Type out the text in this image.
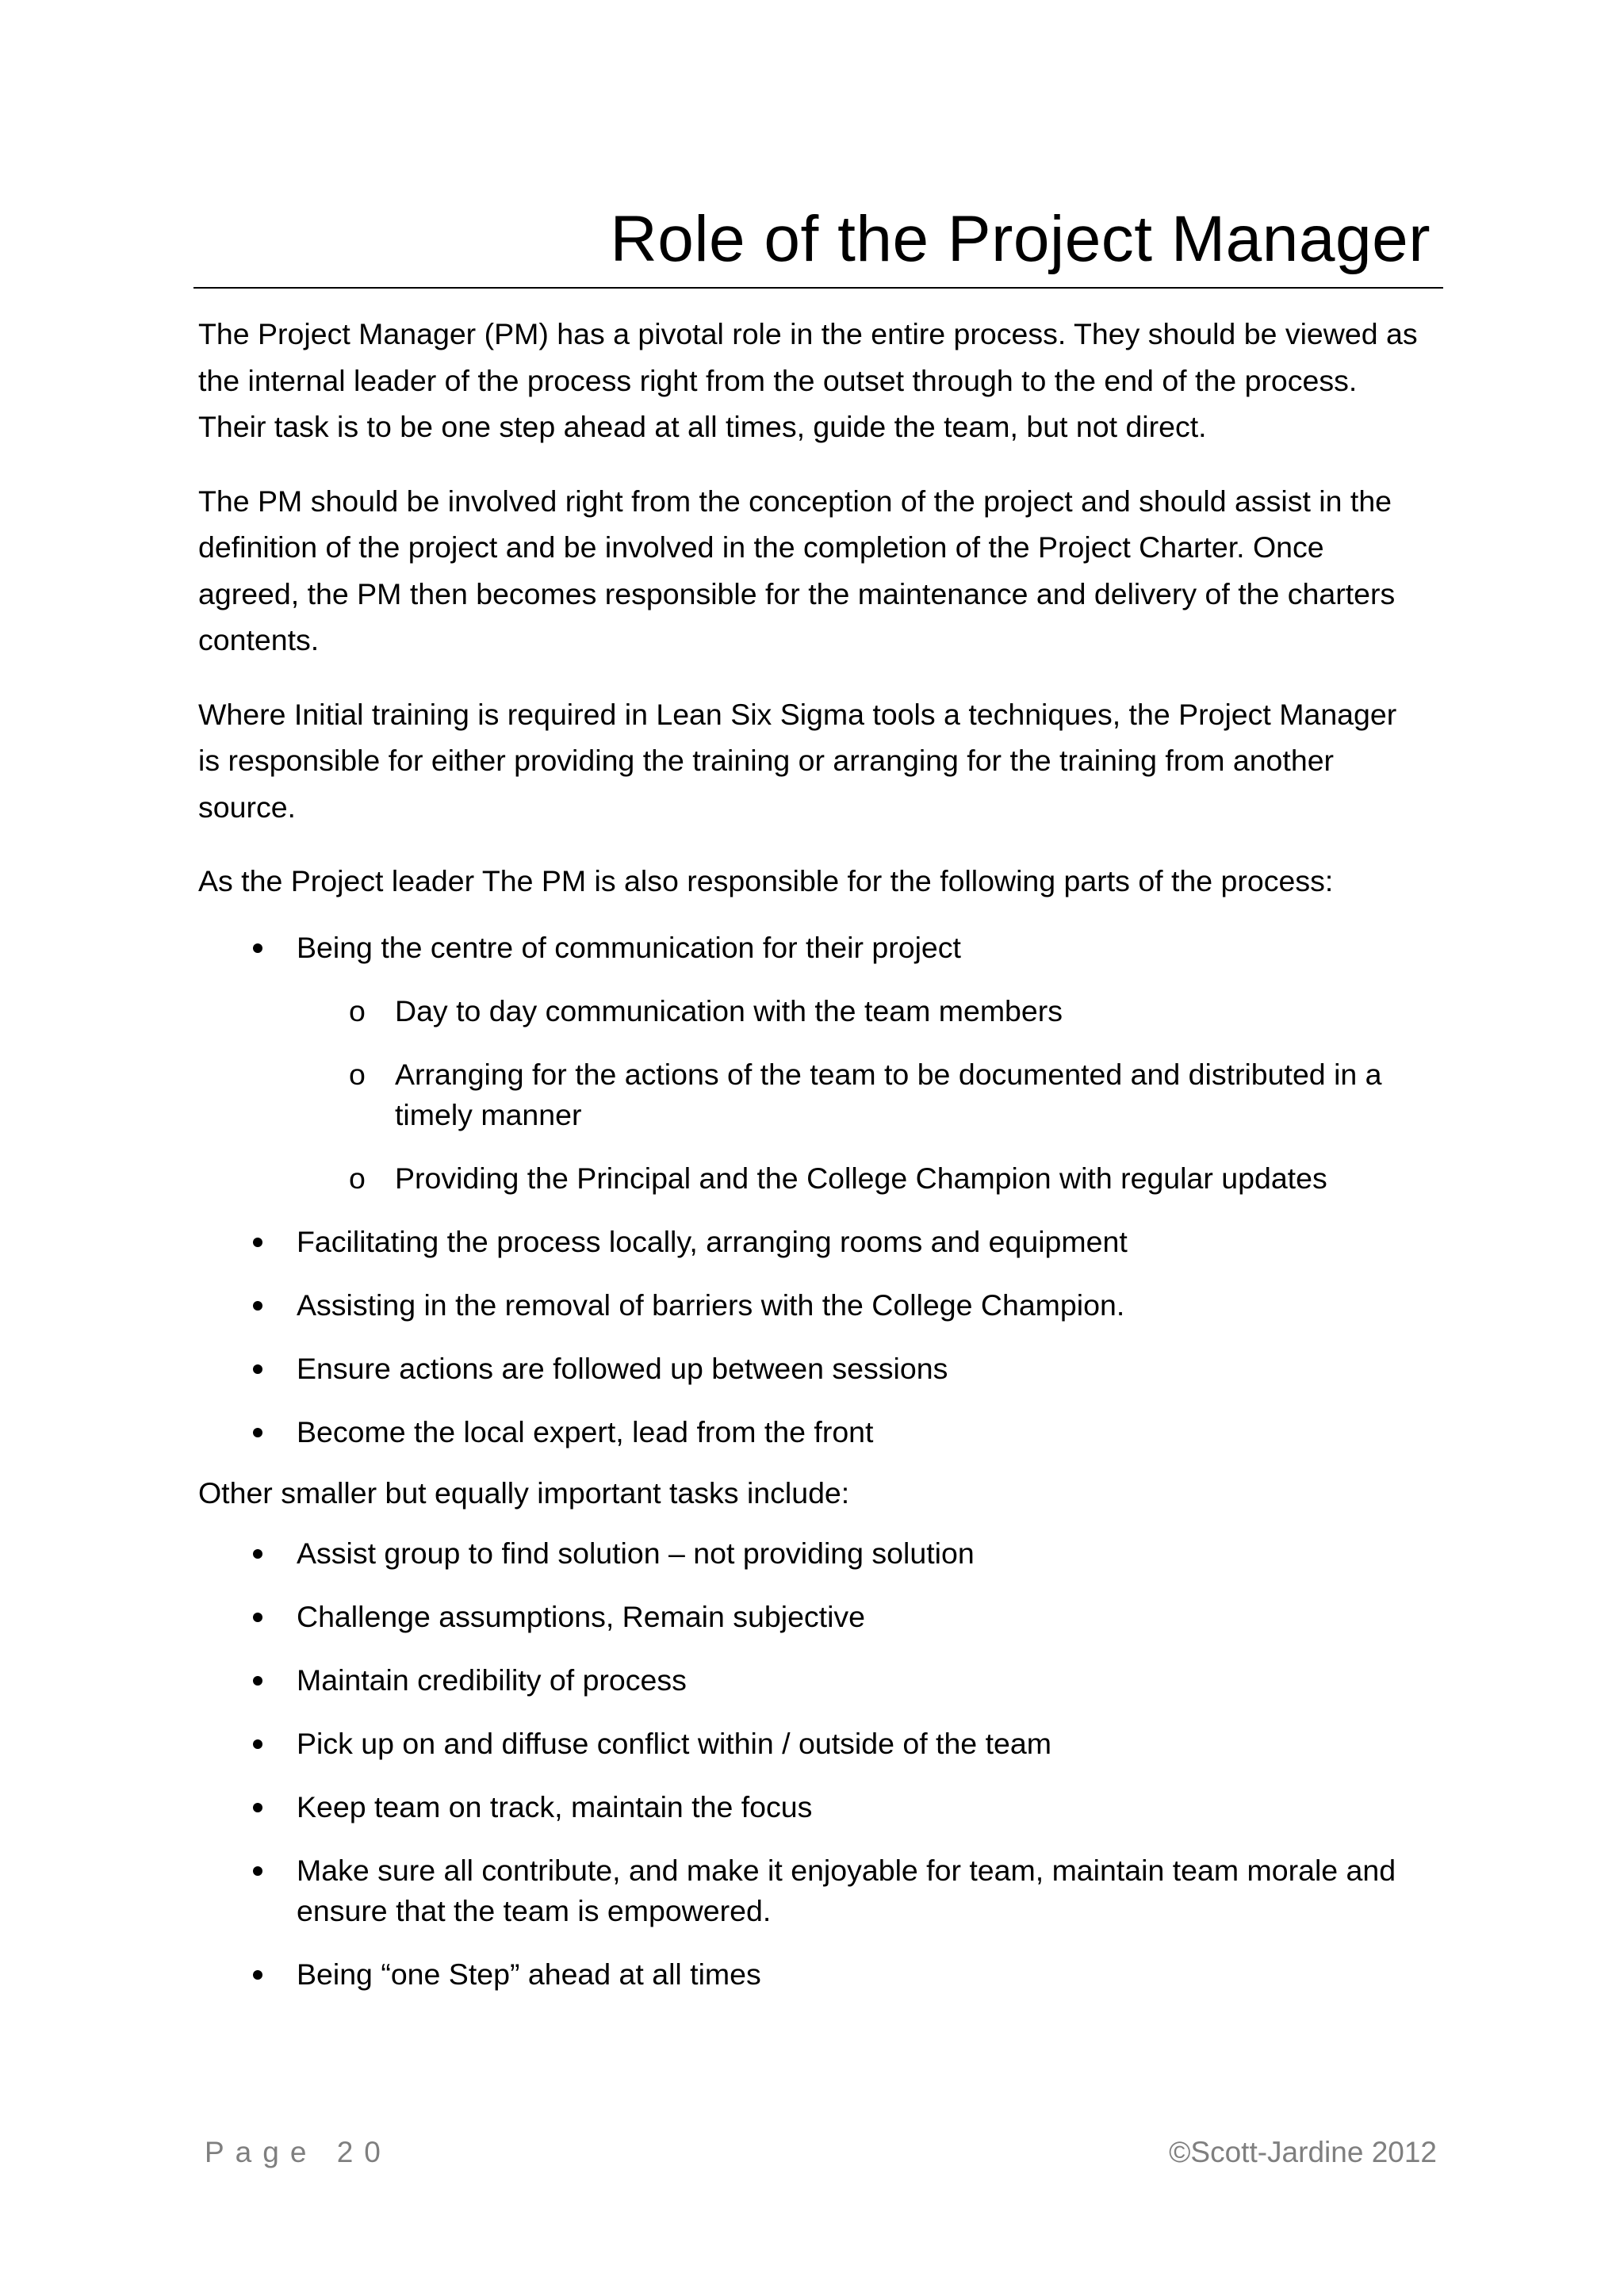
Role of the Project Manager

The Project Manager (PM) has a pivotal role in the entire process. They should be viewed as
the internal leader of the process right from the outset through to the end of the process.
Their task is to be one step ahead at all times, guide the team, but not direct.

The PM should be involved right from the conception of the project and should assist in the
definition of the project and be involved in the completion of the Project Charter. Once
agreed, the PM then becomes responsible for the maintenance and delivery of the charters
contents.

Where Initial training is required in Lean Six Sigma tools a techniques, the Project Manager
is responsible for either providing the training or arranging for the training from another
source.

As the Project leader The PM is also responsible for the following parts of the process:

Being the centre of communication for their project
o Day to day communication with the team members
o Arranging for the actions of the team to be documented and distributed in a
timely manner
o Providing the Principal and the College Champion with regular updates
Facilitating the process locally, arranging rooms and equipment
Assisting in the removal of barriers with the College Champion.
Ensure actions are followed up between sessions
Become the local expert, lead from the front

Other smaller but equally important tasks include:

Assist group to find solution – not providing solution
Challenge assumptions, Remain subjective
Maintain credibility of process
Pick up on and diffuse conflict within / outside of the team
Keep team on track, maintain the focus
Make sure all contribute, and make it enjoyable for team, maintain team morale and
ensure that the team is empowered.
Being “one Step” ahead at all times
Page 20	©Scott-Jardine 2012
